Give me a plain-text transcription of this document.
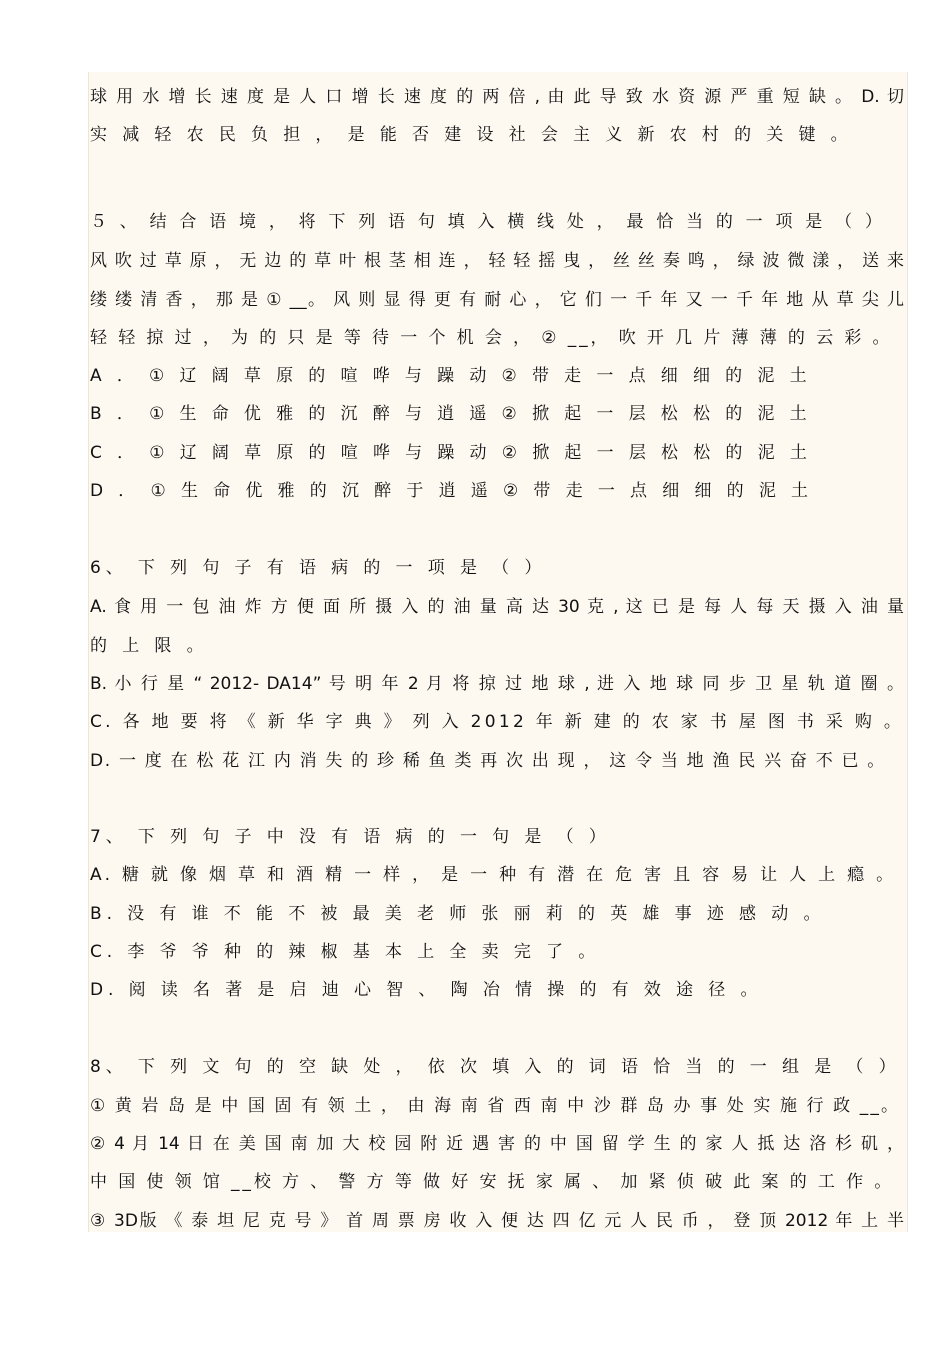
球 用 水 增 长 速 度 是 人 口 增 长 速 度 的 两 倍 , 由 此 导 致 水 资 源 严 重 短 缺 。 D. 切
实 减 轻 农 民 负 担 ， 是 能 否 建 设 社 会 主 义 新 农 村 的 关 键 。
５ 、 结 合 语 境 ， 将 下 列 语 句 填 入 横 线 处 ， 最 恰 当 的 一 项 是 （ ）
风 吹 过 草 原 ， 无 边 的 草 叶 根 茎 相 连 ， 轻 轻 摇 曳 ， 丝 丝 奏 鸣 ， 绿 波 微 漾 ， 送 来
缕 缕 清 香 ， 那 是 ① __。 风 则 显 得 更 有 耐 心 ， 它 们 一 千 年 又 一 千 年 地 从 草 尖 儿
轻 轻 掠 过 ， 为 的 只 是 等 待 一 个 机 会 ， ② __， 吹 开 几 片 薄 薄 的 云 彩 。
A ． ① 辽 阔 草 原 的 喧 哗 与 躁 动 ② 带 走 一 点 细 细 的 泥 土
B ． ① 生 命 优 雅 的 沉 醉 与 逍 遥 ② 掀 起 一 层 松 松 的 泥 土
C ． ① 辽 阔 草 原 的 喧 哗 与 躁 动 ② 掀 起 一 层 松 松 的 泥 土
D ． ① 生 命 优 雅 的 沉 醉 于 逍 遥 ② 带 走 一 点 细 细 的 泥 土
6、 下 列 句 子 有 语 病 的 一 项 是 （ ）
A. 食 用 一 包 油 炸 方 便 面 所 摄 入 的 油 量 高 达 30 克 , 这 已 是 每 人 每 天 摄 入 油 量
的 上 限 。
B. 小 行 星 “ 2012- DA14” 号 明 年 2 月 将 掠 过 地 球 , 进 入 地 球 同 步 卫 星 轨 道 圈 。
C. 各 地 要 将 《 新 华 字 典 》 列 入 2012 年 新 建 的 农 家 书 屋 图 书 采 购 。
D. 一 度 在 松 花 江 内 消 失 的 珍 稀 鱼 类 再 次 出 现 ， 这 令 当 地 渔 民 兴 奋 不 已 。
7、 下 列 句 子 中 没 有 语 病 的 一 句 是 （ ）
A. 糖 就 像 烟 草 和 酒 精 一 样 ， 是 一 种 有 潜 在 危 害 且 容 易 让 人 上 瘾 。
B. 没 有 谁 不 能 不 被 最 美 老 师 张 丽 莉 的 英 雄 事 迹 感 动 。
C. 李 爷 爷 种 的 辣 椒 基 本 上 全 卖 完 了 。
D. 阅 读 名 著 是 启 迪 心 智 、 陶 冶 情 操 的 有 效 途 径 。
8、 下 列 文 句 的 空 缺 处 ， 依 次 填 入 的 词 语 恰 当 的 一 组 是 （ ）
① 黄 岩 岛 是 中 国 固 有 领 土 ， 由 海 南 省 西 南 中 沙 群 岛 办 事 处 实 施 行 政 __。
② 4 月 14 日 在 美 国 南 加 大 校 园 附 近 遇 害 的 中 国 留 学 生 的 家 人 抵 达 洛 杉 矶 ，
中 国 使 领 馆 __校 方 、 警 方 等 做 好 安 抚 家 属 、 加 紧 侦 破 此 案 的 工 作 。
③ 3D版 《 泰 坦 尼 克 号 》 首 周 票 房 收 入 便 达 四 亿 元 人 民 币 ， 登 顶 2012 年 上 半
